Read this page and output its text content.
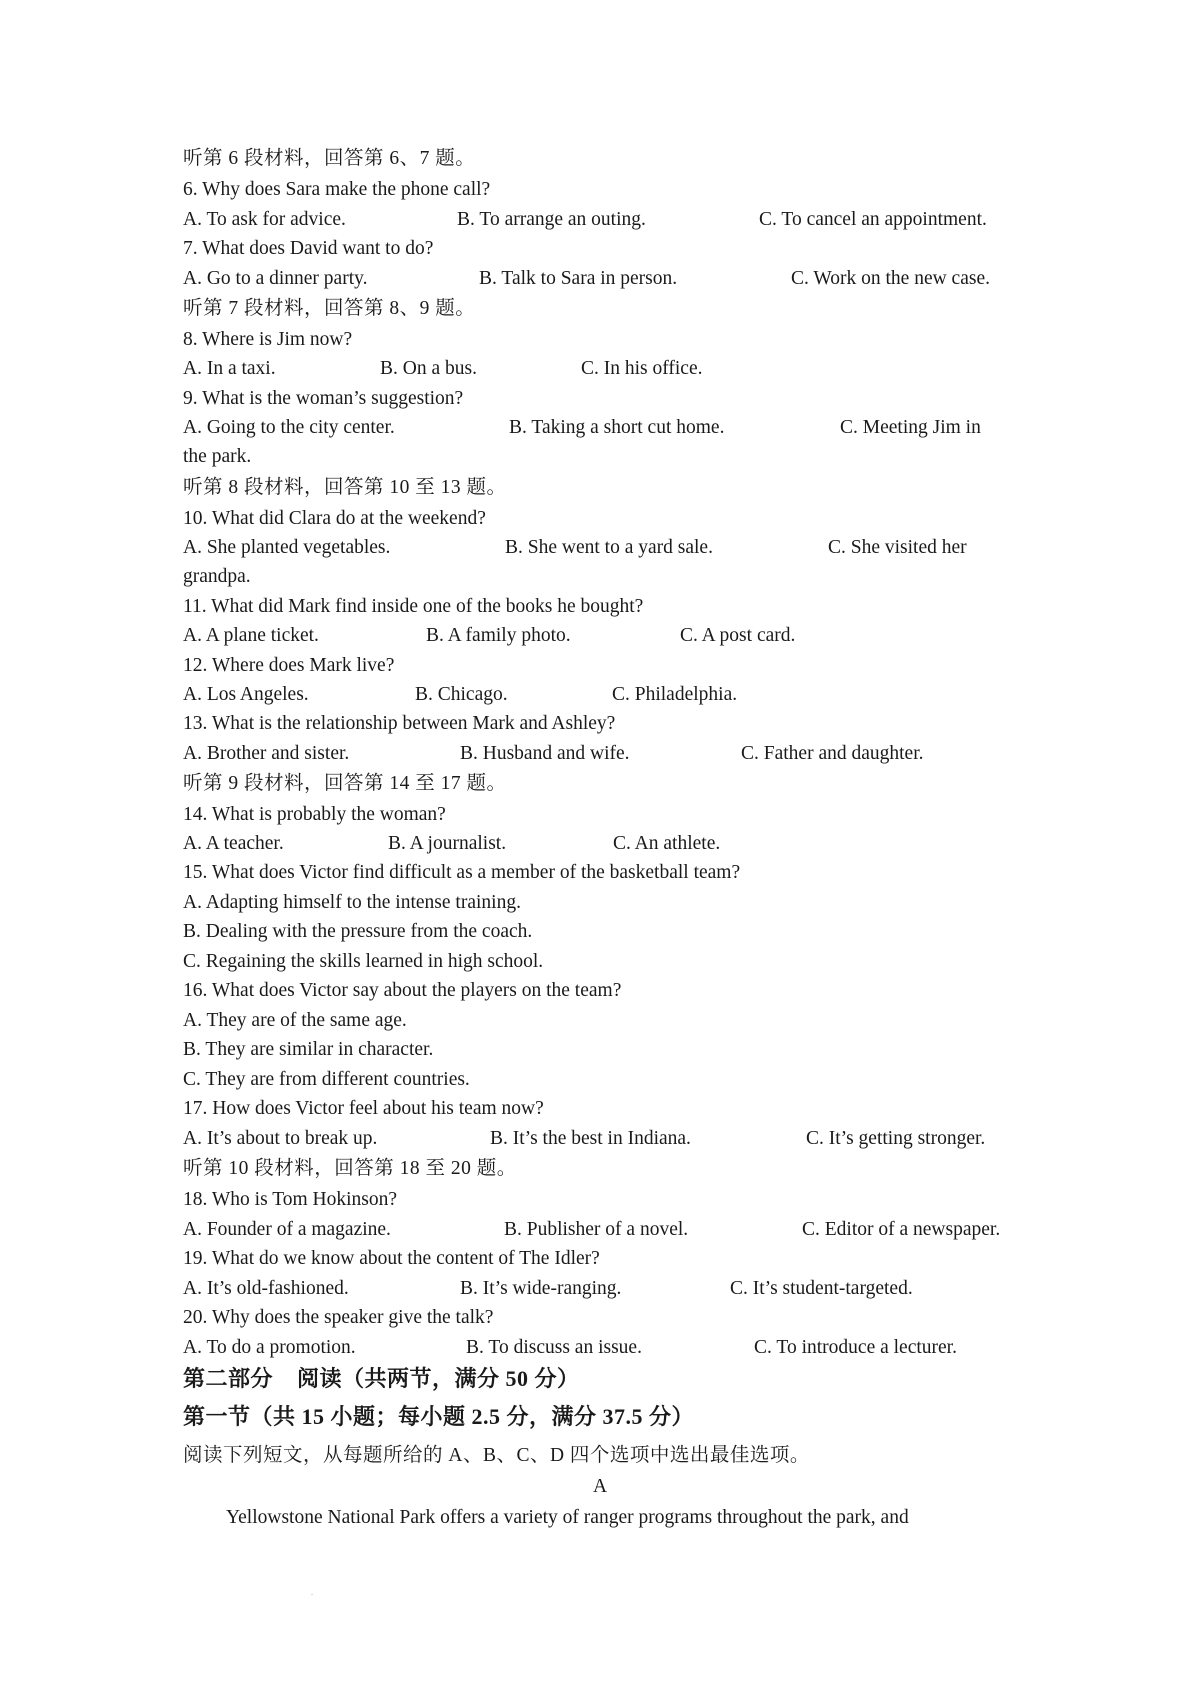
听第 6 段材料，回答第 6、7 题。
6. Why does Sara make the phone call?
A. To ask for advice.	B. To arrange an outing.	C. To cancel an appointment.
7. What does David want to do?
A. Go to a dinner party.	B. Talk to Sara in person.	C. Work on the new case.
听第 7 段材料，回答第 8、9 题。
8. Where is Jim now?
A. In a taxi.	B. On a bus.	C. In his office.
9. What is the woman’s suggestion?
A. Going to the city center.	B. Taking a short cut home.	C. Meeting Jim in
the park.
听第 8 段材料，回答第 10 至 13 题。
10. What did Clara do at the weekend?
A. She planted vegetables.	B. She went to a yard sale.	C. She visited her
grandpa.
11. What did Mark find inside one of the books he bought?
A. A plane ticket.	B. A family photo.	C. A post card.
12. Where does Mark live?
A. Los Angeles.	B. Chicago.	C. Philadelphia.
13. What is the relationship between Mark and Ashley?
A. Brother and sister.	B. Husband and wife.	C. Father and daughter.
听第 9 段材料，回答第 14 至 17 题。
14. What is probably the woman?
A. A teacher.	B. A journalist.	C. An athlete.
15. What does Victor find difficult as a member of the basketball team?
A. Adapting himself to the intense training.
B. Dealing with the pressure from the coach.
C. Regaining the skills learned in high school.
16. What does Victor say about the players on the team?
A. They are of the same age.
B. They are similar in character.
C. They are from different countries.
17. How does Victor feel about his team now?
A. It’s about to break up.	B. It’s the best in Indiana.	C. It’s getting stronger.
听第 10 段材料，回答第 18 至 20 题。
18. Who is Tom Hokinson?
A. Founder of a magazine.	B. Publisher of a novel.	C. Editor of a newspaper.
19. What do we know about the content of The Idler?
A. It’s old-fashioned.	B. It’s wide-ranging.	C. It’s student-targeted.
20. Why does the speaker give the talk?
A. To do a promotion.	B. To discuss an issue.	C. To introduce a lecturer.
第二部分    阅读（共两节，满分 50 分）
第一节（共 15 小题；每小题 2.5 分，满分 37.5 分）
阅读下列短文，从每题所给的 A、B、C、D 四个选项中选出最佳选项。
A
Yellowstone National Park offers a variety of ranger programs throughout the park, and
.
